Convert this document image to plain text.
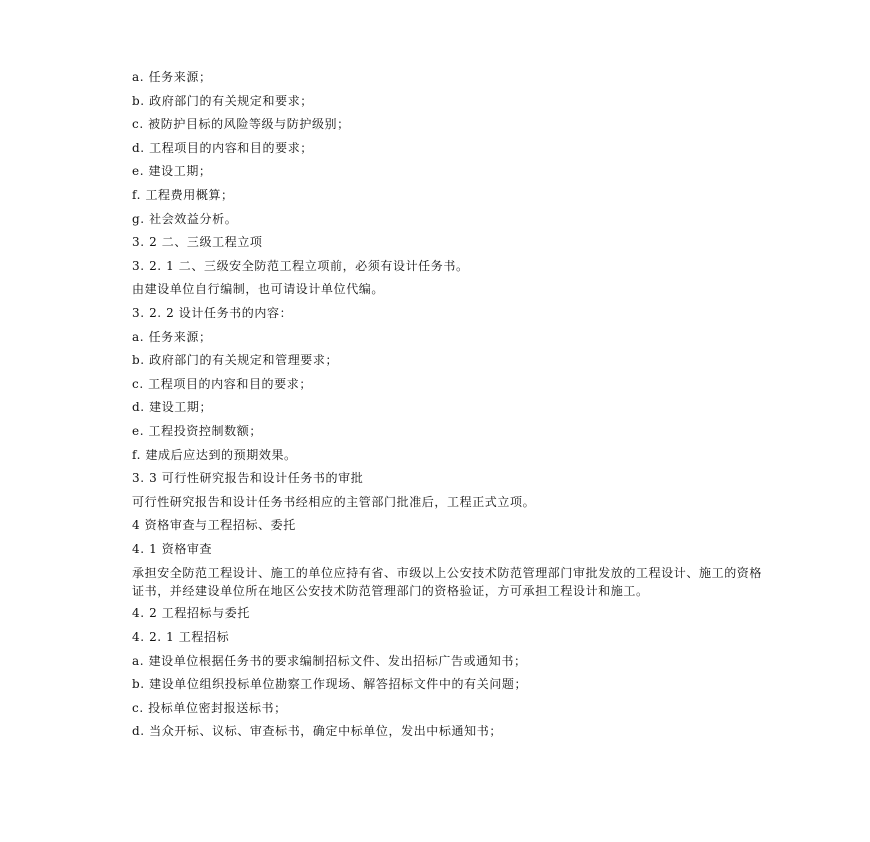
a. 任务来源；
b. 政府部门的有关规定和要求；
c. 被防护目标的风险等级与防护级别；
d. 工程项目的内容和目的要求；
e. 建设工期；
f. 工程费用概算；
g. 社会效益分析。
3. 2 二、三级工程立项
3. 2. 1 二、三级安全防范工程立项前，必须有设计任务书。
由建设单位自行编制，也可请设计单位代编。
3. 2. 2 设计任务书的内容：
a. 任务来源；
b. 政府部门的有关规定和管理要求；
c. 工程项目的内容和目的要求；
d. 建设工期；
e. 工程投资控制数额；
f. 建成后应达到的预期效果。
3. 3 可行性研究报告和设计任务书的审批
可行性研究报告和设计任务书经相应的主管部门批准后，工程正式立项。
4 资格审查与工程招标、委托
4. 1 资格审查
承担安全防范工程设计、施工的单位应持有省、市级以上公安技术防范管理部门审批发放的工程设计、施工的资格证书，并经建设单位所在地区公安技术防范管理部门的资格验证，方可承担工程设计和施工。
4. 2 工程招标与委托
4. 2. 1 工程招标
a. 建设单位根据任务书的要求编制招标文件、发出招标广告或通知书；
b. 建设单位组织投标单位勘察工作现场、解答招标文件中的有关问题；
c. 投标单位密封报送标书；
d. 当众开标、议标、审查标书，确定中标单位，发出中标通知书；
